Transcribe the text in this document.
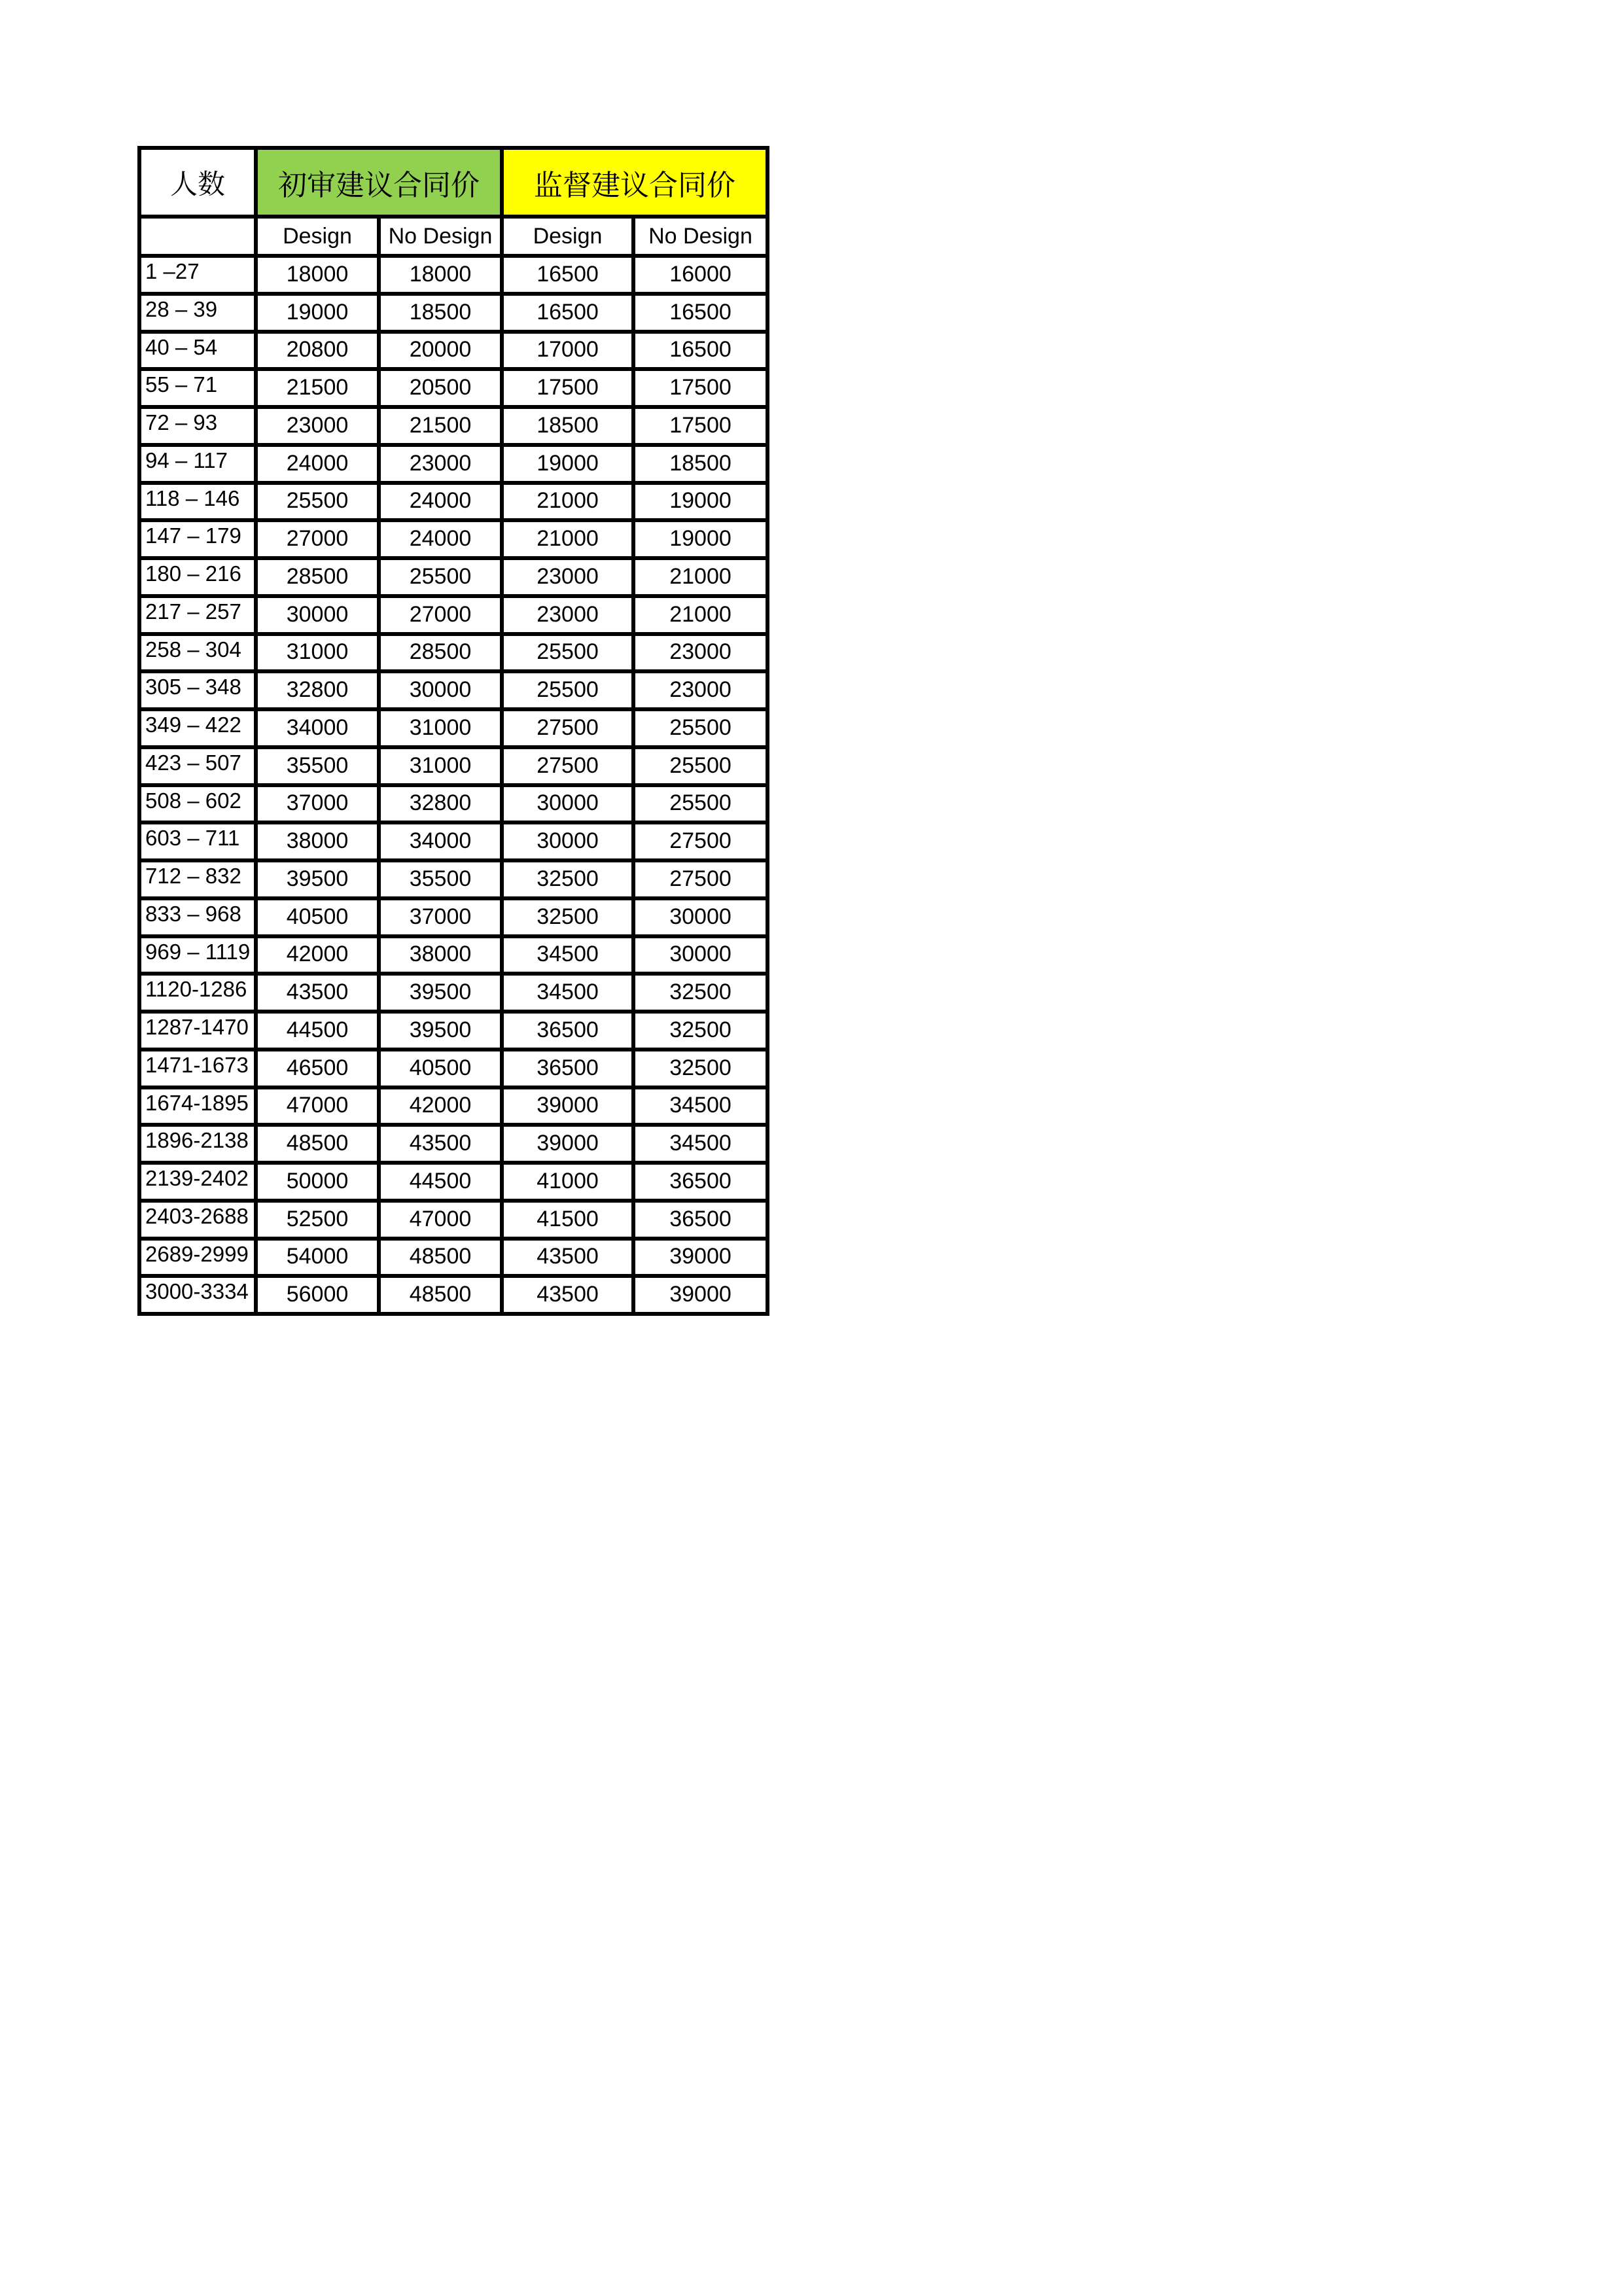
人数	初审建议合同价		监督建议合同价	
	Design	No Design	Design	No Design
1 –27	18000	18000	16500	16000
28 – 39	19000	18500	16500	16500
40 – 54	20800	20000	17000	16500
55 – 71	21500	20500	17500	17500
72 – 93	23000	21500	18500	17500
94 – 117	24000	23000	19000	18500
118 – 146	25500	24000	21000	19000
147 – 179	27000	24000	21000	19000
180 – 216	28500	25500	23000	21000
217 – 257	30000	27000	23000	21000
258 – 304	31000	28500	25500	23000
305 – 348	32800	30000	25500	23000
349 – 422	34000	31000	27500	25500
423 – 507	35500	31000	27500	25500
508 – 602	37000	32800	30000	25500
603 – 711	38000	34000	30000	27500
712 – 832	39500	35500	32500	27500
833 – 968	40500	37000	32500	30000
969 – 1119	42000	38000	34500	30000
1120-1286	43500	39500	34500	32500
1287-1470	44500	39500	36500	32500
1471-1673	46500	40500	36500	32500
1674-1895	47000	42000	39000	34500
1896-2138	48500	43500	39000	34500
2139-2402	50000	44500	41000	36500
2403-2688	52500	47000	41500	36500
2689-2999	54000	48500	43500	39000
3000-3334	56000	48500	43500	39000
